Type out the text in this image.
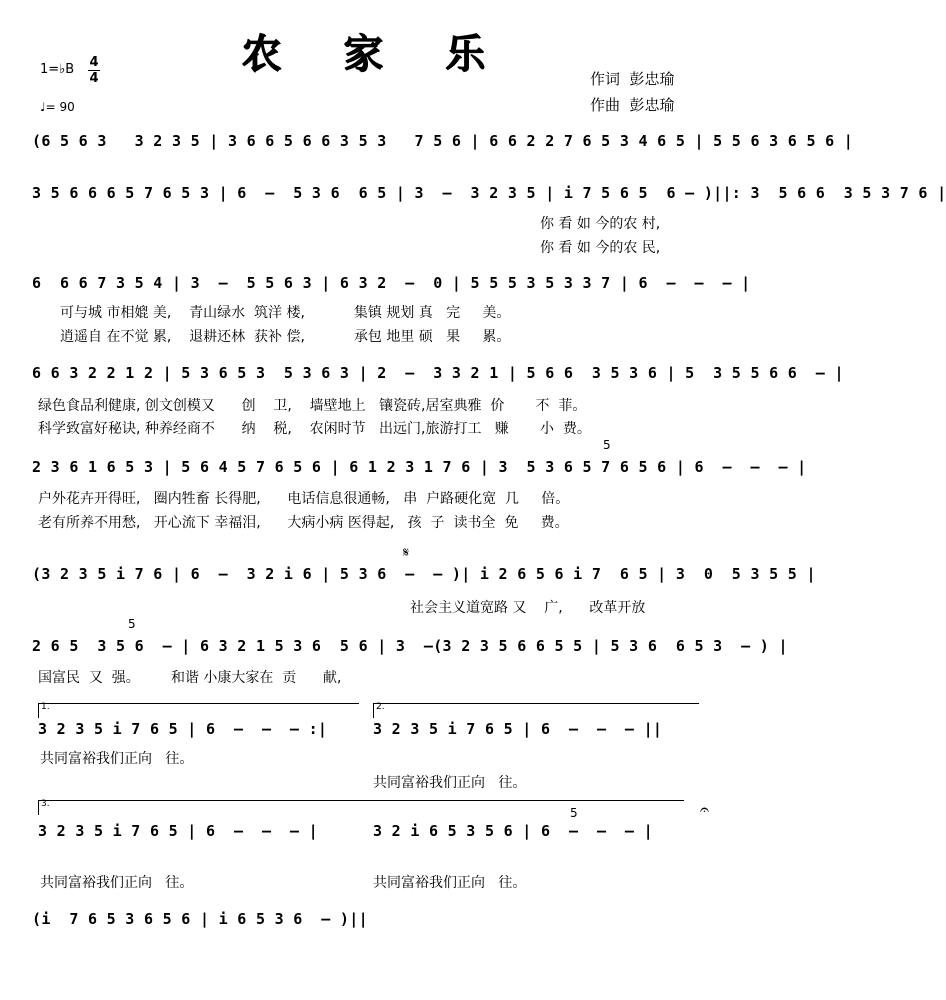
农 家 乐
1=♭B 4
4
♩= 90
作词  彭忠瑜
作曲  彭忠瑜
(6 5 6 3   3 2 3 5 | 3 6 6 5 6 6 3 5 3   7 5 6 | 6 6 2 2 7 6 5 3 4 6 5 | 5 5 6 3 6 5 6 |
3 5 6 6 6 5 7 6 5 3 | 6  –  5 3 6  6 5 | 3  –  3 2 3 5 | i 7 5 6 5  6 – )||: 3  5 6 6  3 5 3 7 6 |
你 看 如 今的农 村,
你 看 如 今的农 民,
6  6 6 7 3 5 4 | 3  –  5 5 6 3 | 6 3 2  –  0 | 5 5 5 3 5 3 3 7 | 6  –  –  – |
可与城 市相媲 美,    青山绿水  筑洋 楼,           集镇 规划 真   完     美。
逍遥自 在不觉 累,    退耕还林  获补 偿,           承包 地里 硕   果     累。
6 6 3 2 2 1 2 | 5 3 6 5 3  5 3 6 3 | 2  –  3 3 2 1 | 5 6 6  3 5 3 6 | 5  3 5 5 6 6  – |
绿色食品利健康, 创文创模又      创    卫,    墙壁地上   镶瓷砖,居室典雅  价       不  菲。
科学致富好秘诀, 种养经商不      纳    税,    农闲时节   出远门,旅游打工   赚       小  费。
5
2 3 6 1 6 5 3 | 5 6 4 5 7 6 5 6 | 6 1 2 3 1 7 6 | 3  5 3 6 5 7 6 5 6 | 6  –  –  – |
户外花卉开得旺,   圈内牲畜 长得肥,      电话信息很通畅,   串  户路硬化宽  几     倍。
老有所养不用愁,   开心流下 幸福泪,      大病小病 医得起,   孩  子  读书全  免     费。
𝄋
(3 2 3 5 i 7 6 | 6  –  3 2 i 6 | 5 3 6  –  – )| i 2 6 5 6 i 7  6 5 | 3  0  5 3 5 5 |
社会主义道宽路 又    广,      改革开放
5
2 6 5  3 5 6  – | 6 3 2 1 5 3 6  5 6 | 3  –(3 2 3 5 6 6 5 5 | 5 3 6  6 5 3  – ) |
国富民  又  强。       和谐 小康大家在  贡      献,
1.	2.
3 2 3 5 i 7 6 5 | 6  –  –  – :|	3 2 3 5 i 7 6 5 | 6  –  –  – ||
共同富裕我们正向   往。
共同富裕我们正向   往。
3.
5	𝄐
3 2 3 5 i 7 6 5 | 6  –  –  – |	3 2 i 6 5 3 5 6 | 6  –  –  – |
共同富裕我们正向   往。	共同富裕我们正向   往。
(i  7 6 5 3 6 5 6 | i 6 5 3 6  – )||
